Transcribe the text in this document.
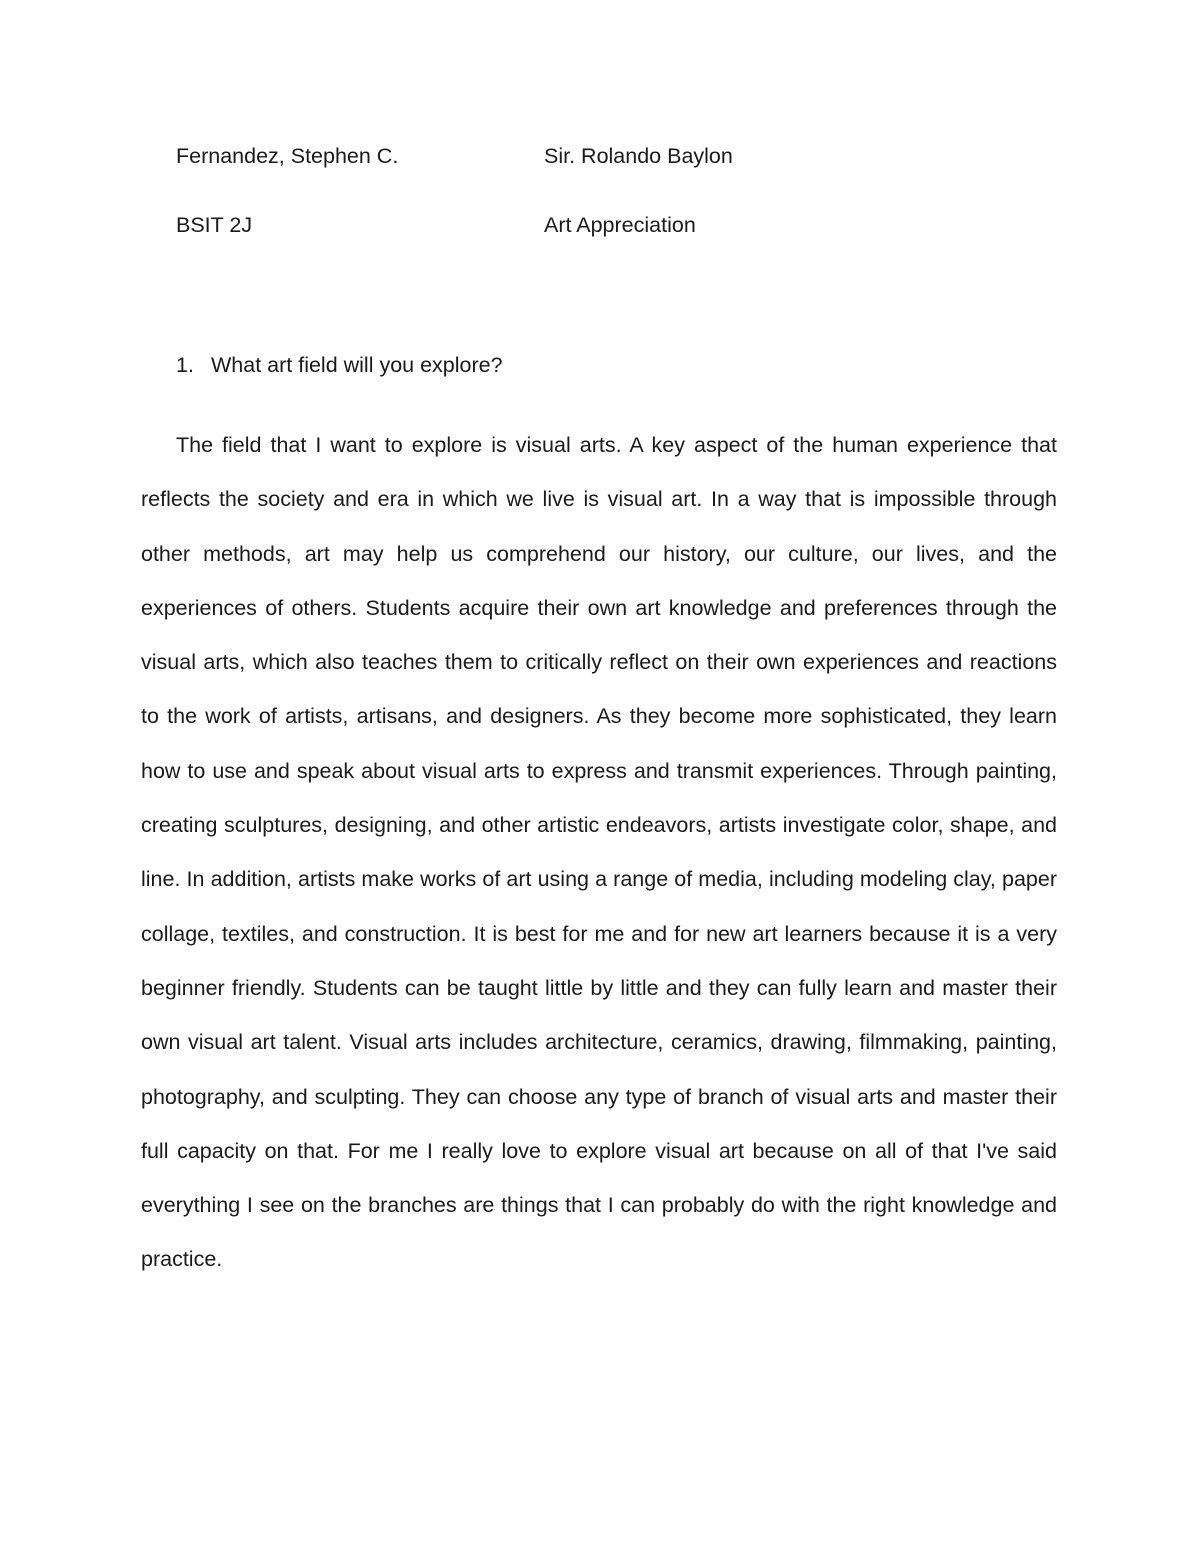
Fernandez, Stephen C.	Sir. Rolando Baylon
BSIT 2J	Art Appreciation
1. What art field will you explore?

The field that I want to explore is visual arts. A key aspect of the human experience that reflects the society and era in which we live is visual art. In a way that is impossible through other methods, art may help us comprehend our history, our culture, our lives, and the experiences of others. Students acquire their own art knowledge and preferences through the visual arts, which also teaches them to critically reflect on their own experiences and reactions to the work of artists, artisans, and designers. As they become more sophisticated, they learn how to use and speak about visual arts to express and transmit experiences. Through painting, creating sculptures, designing, and other artistic endeavors, artists investigate color, shape, and line. In addition, artists make works of art using a range of media, including modeling clay, paper collage, textiles, and construction. It is best for me and for new art learners because it is a very beginner friendly. Students can be taught little by little and they can fully learn and master their own visual art talent. Visual arts includes architecture, ceramics, drawing, filmmaking, painting, photography, and sculpting. They can choose any type of branch of visual arts and master their full capacity on that. For me I really love to explore visual art because on all of that I've said everything I see on the branches are things that I can probably do with the right knowledge and practice.
